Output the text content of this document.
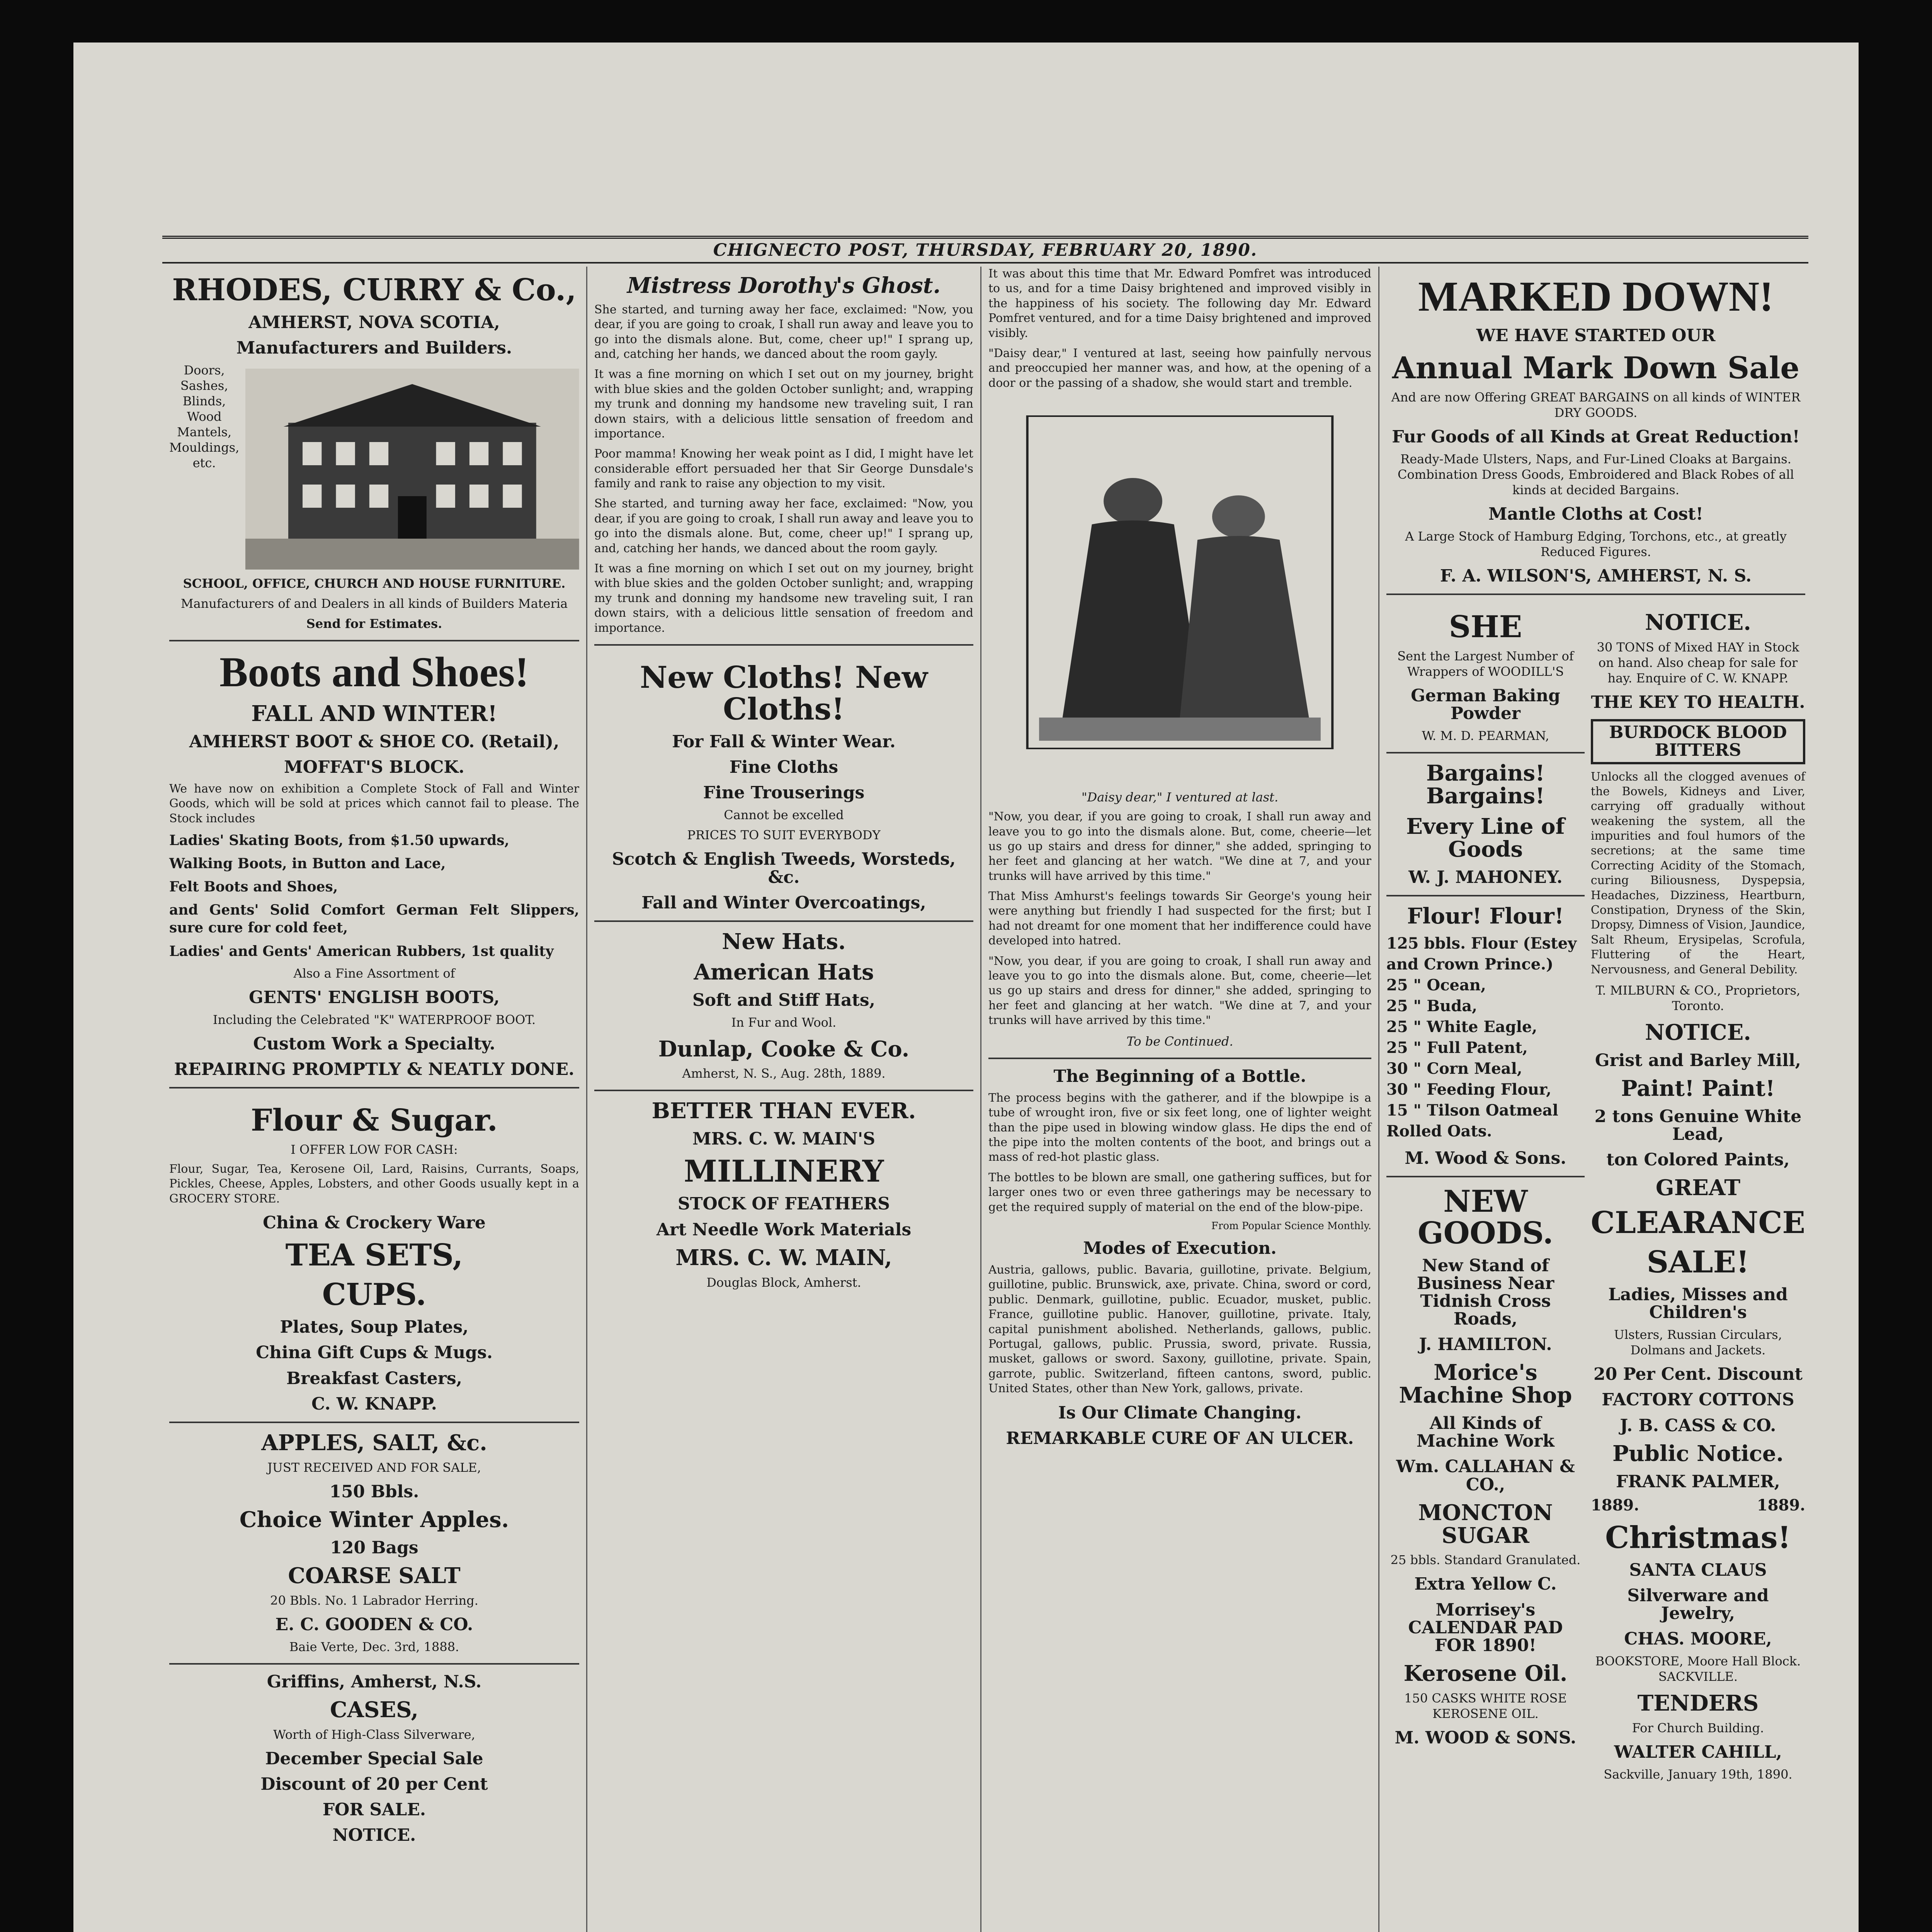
CHIGNECTO POST, THURSDAY, FEBRUARY 20, 1890.
RHODES, CURRY & Co.,
AMHERST, NOVA SCOTIA,
Manufacturers and Builders.
Doors, Sashes, Blinds, Wood Mantels, Mouldings, etc.
SCHOOL, OFFICE, CHURCH AND HOUSE FURNITURE.
Manufacturers of and Dealers in all kinds of Builders Materia
Send for Estimates.
Boots and Shoes!
FALL AND WINTER!
AMHERST BOOT & SHOE CO. (Retail),
MOFFAT'S BLOCK.

We have now on exhibition a Complete Stock of Fall and Winter Goods, which will be sold at prices which cannot fail to please. The Stock includes

Ladies' Skating Boots, from $1.50 upwards,

Walking Boots, in Button and Lace,

Felt Boots and Shoes,

and Gents' Solid Comfort German Felt Slippers, sure cure for cold feet,

Ladies' and Gents' American Rubbers, 1st quality

Also a Fine Assortment of
GENTS' ENGLISH BOOTS,
Including the Celebrated "K" WATERPROOF BOOT.
Custom Work a Specialty.
REPAIRING PROMPTLY & NEATLY DONE.
Flour & Sugar.
I OFFER LOW FOR CASH:

Flour, Sugar, Tea, Kerosene Oil, Lard, Raisins, Currants, Soaps, Pickles, Cheese, Apples, Lobsters, and other Goods usually kept in a GROCERY STORE.

China & Crockery Ware
TEA SETS,
CUPS.
Plates, Soup Plates,
China Gift Cups & Mugs.
Breakfast Casters,
C. W. KNAPP.
APPLES, SALT, &c.
JUST RECEIVED AND FOR SALE,
150 Bbls.
Choice Winter Apples.
120 Bags
COARSE SALT
20 Bbls. No. 1 Labrador Herring.
E. C. GOODEN & CO.
Baie Verte, Dec. 3rd, 1888.
Griffins, Amherst, N.S.
CASES,
Worth of High-Class Silverware,
December Special Sale
Discount of 20 per Cent
FOR SALE.
NOTICE.
Mistress Dorothy's Ghost.

She started, and turning away her face, exclaimed: "Now, you dear, if you are going to croak, I shall run away and leave you to go into the dismals alone. But, come, cheer up!" I sprang up, and, catching her hands, we danced about the room gayly.

It was a fine morning on which I set out on my journey, bright with blue skies and the golden October sunlight; and, wrapping my trunk and donning my handsome new traveling suit, I ran down stairs, with a delicious little sensation of freedom and importance.

Poor mamma! Knowing her weak point as I did, I might have let considerable effort persuaded her that Sir George Dunsdale's family and rank to raise any objection to my visit.

She started, and turning away her face, exclaimed: "Now, you dear, if you are going to croak, I shall run away and leave you to go into the dismals alone. But, come, cheer up!" I sprang up, and, catching her hands, we danced about the room gayly.

It was a fine morning on which I set out on my journey, bright with blue skies and the golden October sunlight; and, wrapping my trunk and donning my handsome new traveling suit, I ran down stairs, with a delicious little sensation of freedom and importance.

New Cloths! New Cloths!
For Fall & Winter Wear.
Fine Cloths
Fine Trouserings
Cannot be excelled
PRICES TO SUIT EVERYBODY
Scotch & English Tweeds, Worsteds, &c.
Fall and Winter Overcoatings,
New Hats.
American Hats
Soft and Stiff Hats,
In Fur and Wool.
Dunlap, Cooke & Co.
Amherst, N. S., Aug. 28th, 1889.
BETTER THAN EVER.
MRS. C. W. MAIN'S
MILLINERY
STOCK OF FEATHERS
Art Needle Work Materials
MRS. C. W. MAIN,
Douglas Block, Amherst.

It was about this time that Mr. Edward Pomfret was introduced to us, and for a time Daisy brightened and improved visibly in the happiness of his society. The following day Mr. Edward Pomfret ventured, and for a time Daisy brightened and improved visibly.

"Daisy dear," I ventured at last, seeing how painfully nervous and preoccupied her manner was, and how, at the opening of a door or the passing of a shadow, she would start and tremble.

"Daisy dear," I ventured at last.

"Now, you dear, if you are going to croak, I shall run away and leave you to go into the dismals alone. But, come, cheerie—let us go up stairs and dress for dinner," she added, springing to her feet and glancing at her watch. "We dine at 7, and your trunks will have arrived by this time."

That Miss Amhurst's feelings towards Sir George's young heir were anything but friendly I had suspected for the first; but I had not dreamt for one moment that her indifference could have developed into hatred.

"Now, you dear, if you are going to croak, I shall run away and leave you to go into the dismals alone. But, come, cheerie—let us go up stairs and dress for dinner," she added, springing to her feet and glancing at her watch. "We dine at 7, and your trunks will have arrived by this time."

To be Continued.
The Beginning of a Bottle.

The process begins with the gatherer, and if the blowpipe is a tube of wrought iron, five or six feet long, one of lighter weight than the pipe used in blowing window glass. He dips the end of the pipe into the molten contents of the boot, and brings out a mass of red-hot plastic glass.

The bottles to be blown are small, one gathering suffices, but for larger ones two or even three gatherings may be necessary to get the required supply of material on the end of the blow-pipe.

From Popular Science Monthly.
Modes of Execution.

Austria, gallows, public. Bavaria, guillotine, private. Belgium, guillotine, public. Brunswick, axe, private. China, sword or cord, public. Denmark, guillotine, public. Ecuador, musket, public. France, guillotine public. Hanover, guillotine, private. Italy, capital punishment abolished. Netherlands, gallows, public. Portugal, gallows, public. Prussia, sword, private. Russia, musket, gallows or sword. Saxony, guillotine, private. Spain, garrote, public. Switzerland, fifteen cantons, sword, public. United States, other than New York, gallows, private.

Is Our Climate Changing.
REMARKABLE CURE OF AN ULCER.
MARKED DOWN!
WE HAVE STARTED OUR
Annual Mark Down Sale
And are now Offering GREAT BARGAINS on all kinds of WINTER DRY GOODS.
Fur Goods of all Kinds at Great Reduction!
Ready-Made Ulsters, Naps, and Fur-Lined Cloaks at Bargains. Combination Dress Goods, Embroidered and Black Robes of all kinds at decided Bargains.
Mantle Cloths at Cost!
A Large Stock of Hamburg Edging, Torchons, etc., at greatly Reduced Figures.
F. A. WILSON'S, AMHERST, N. S.
SHE
Sent the Largest Number of Wrappers of WOODILL'S
German Baking Powder
W. M. D. PEARMAN,
Bargains! Bargains!
Every Line of Goods
W. J. MAHONEY.
Flour! Flour!
125 bbls. Flour (Estey and Crown Prince.)
25 " Ocean,
25 " Buda,
25 " White Eagle,
25 " Full Patent,
30 " Corn Meal,
30 " Feeding Flour,
15 " Tilson Oatmeal Rolled Oats.
M. Wood & Sons.
NEW GOODS.
New Stand of Business Near Tidnish Cross Roads,
J. HAMILTON.
Morice's Machine Shop
All Kinds of Machine Work
Wm. CALLAHAN & CO.,
MONCTON SUGAR
25 bbls. Standard Granulated.
Extra Yellow C.
Morrisey's CALENDAR PAD FOR 1890!
Kerosene Oil.
150 CASKS WHITE ROSE KEROSENE OIL.
M. WOOD & SONS.
NOTICE.
30 TONS of Mixed HAY in Stock on hand. Also cheap for sale for hay. Enquire of C. W. KNAPP.
THE KEY TO HEALTH.
BURDOCK BLOOD BITTERS

Unlocks all the clogged avenues of the Bowels, Kidneys and Liver, carrying off gradually without weakening the system, all the impurities and foul humors of the secretions; at the same time Correcting Acidity of the Stomach, curing Biliousness, Dyspepsia, Headaches, Dizziness, Heartburn, Constipation, Dryness of the Skin, Dropsy, Dimness of Vision, Jaundice, Salt Rheum, Erysipelas, Scrofula, Fluttering of the Heart, Nervousness, and General Debility.

T. MILBURN & CO., Proprietors, Toronto.
NOTICE.
Grist and Barley Mill,
Paint! Paint!
2 tons Genuine White Lead,
ton Colored Paints,
GREAT
CLEARANCE
SALE!
Ladies, Misses and Children's
Ulsters, Russian Circulars, Dolmans and Jackets.
20 Per Cent. Discount
FACTORY COTTONS
J. B. CASS & CO.
Public Notice.
FRANK PALMER,
1889.	1889.
Christmas!
SANTA CLAUS
Silverware and Jewelry,
CHAS. MOORE,
BOOKSTORE, Moore Hall Block. SACKVILLE.
TENDERS
For Church Building.
WALTER CAHILL,
Sackville, January 19th, 1890.
